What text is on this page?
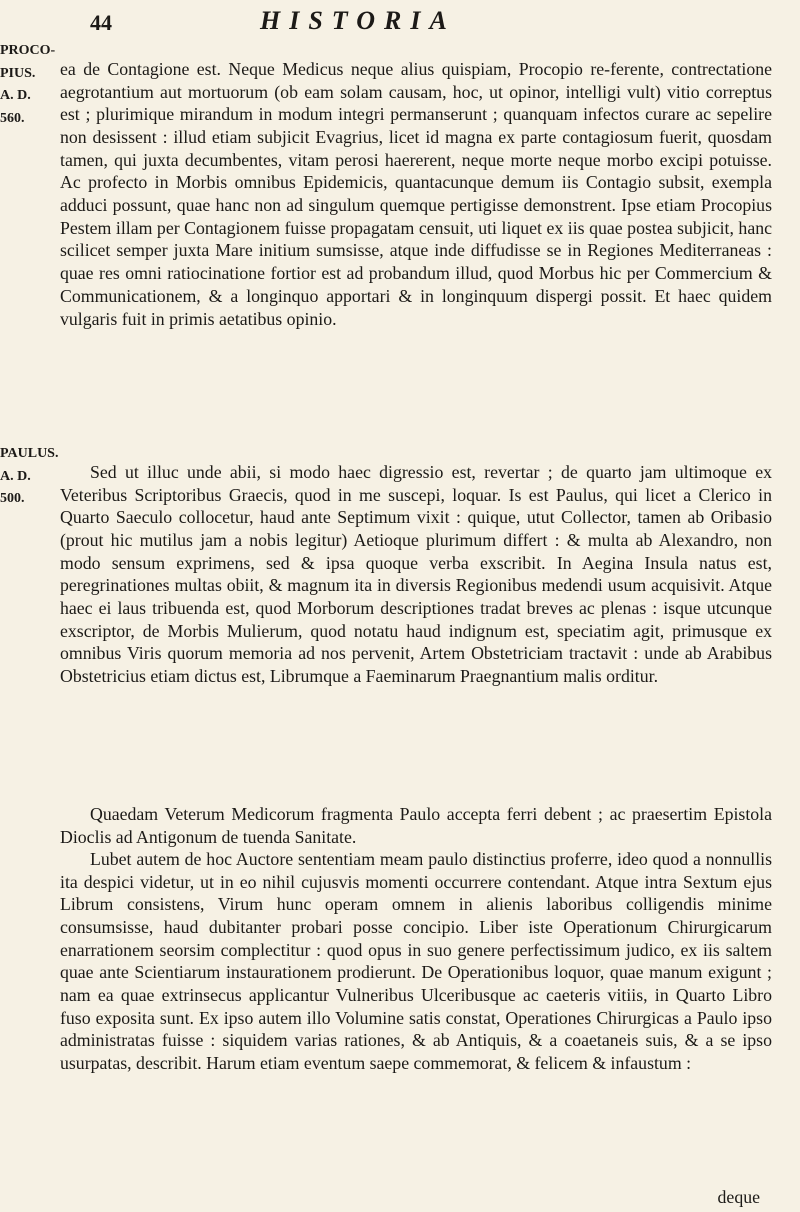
44	HISTORIA
PROCO-
PIUS.
A. D.
560.
PAULUS.
A. D.
500.

ea de Contagione est. Neque Medicus neque alius quispiam, Procopio re-ferente, contrectatione aegrotantium aut mortuorum (ob eam solam causam, hoc, ut opinor, intelligi vult) vitio correptus est ; plurimique mirandum in modum integri permanserunt ; quanquam infectos curare ac sepelire non desissent : illud etiam subjicit Evagrius, licet id magna ex parte contagiosum fuerit, quosdam tamen, qui juxta decumbentes, vitam perosi haererent, neque morte neque morbo excipi potuisse. Ac profecto in Morbis omnibus Epidemicis, quantacunque demum iis Contagio subsit, exempla adduci possunt, quae hanc non ad singulum quemque pertigisse demonstrent. Ipse etiam Procopius Pestem illam per Contagionem fuisse propagatam censuit, uti liquet ex iis quae postea subjicit, hanc scilicet semper juxta Mare initium sumsisse, atque inde diffudisse se in Regiones Mediterraneas : quae res omni ratiocinatione fortior est ad probandum illud, quod Morbus hic per Commercium & Communicationem, & a longinquo apportari & in longinquum dispergi possit. Et haec quidem vulgaris fuit in primis aetatibus opinio.

Sed ut illuc unde abii, si modo haec digressio est, revertar ; de quarto jam ultimoque ex Veteribus Scriptoribus Graecis, quod in me suscepi, loquar. Is est Paulus, qui licet a Clerico in Quarto Saeculo collocetur, haud ante Septimum vixit : quique, utut Collector, tamen ab Oribasio (prout hic mutilus jam a nobis legitur) Aetioque plurimum differt : & multa ab Alexandro, non modo sensum exprimens, sed & ipsa quoque verba exscribit. In Aegina Insula natus est, peregrinationes multas obiit, & magnum ita in diversis Regionibus medendi usum acquisivit. Atque haec ei laus tribuenda est, quod Morborum descriptiones tradat breves ac plenas : isque utcunque exscriptor, de Morbis Mulierum, quod notatu haud indignum est, speciatim agit, primusque ex omnibus Viris quorum memoria ad nos pervenit, Artem Obstetriciam tractavit : unde ab Arabibus Obstetricius etiam dictus est, Librumque a Faeminarum Praegnantium malis orditur.

Quaedam Veterum Medicorum fragmenta Paulo accepta ferri debent ; ac praesertim Epistola Dioclis ad Antigonum de tuenda Sanitate.

Lubet autem de hoc Auctore sententiam meam paulo distinctius proferre, ideo quod a nonnullis ita despici videtur, ut in eo nihil cujusvis momenti occurrere contendant. Atque intra Sextum ejus Librum consistens, Virum hunc operam omnem in alienis laboribus colligendis minime consumsisse, haud dubitanter probari posse concipio. Liber iste Operationum Chirurgicarum enarrationem seorsim complectitur : quod opus in suo genere perfectissimum judico, ex iis saltem quae ante Scientiarum instaurationem prodierunt. De Operationibus loquor, quae manum exigunt ; nam ea quae extrinsecus applicantur Vulneribus Ulceribusque ac caeteris vitiis, in Quarto Libro fuso exposita sunt. Ex ipso autem illo Volumine satis constat, Operationes Chirurgicas a Paulo ipso administratas fuisse : siquidem varias rationes, & ab Antiquis, & a coaetaneis suis, & a se ipso usurpatas, describit. Harum etiam eventum saepe commemorat, & felicem & infaustum :

deque
